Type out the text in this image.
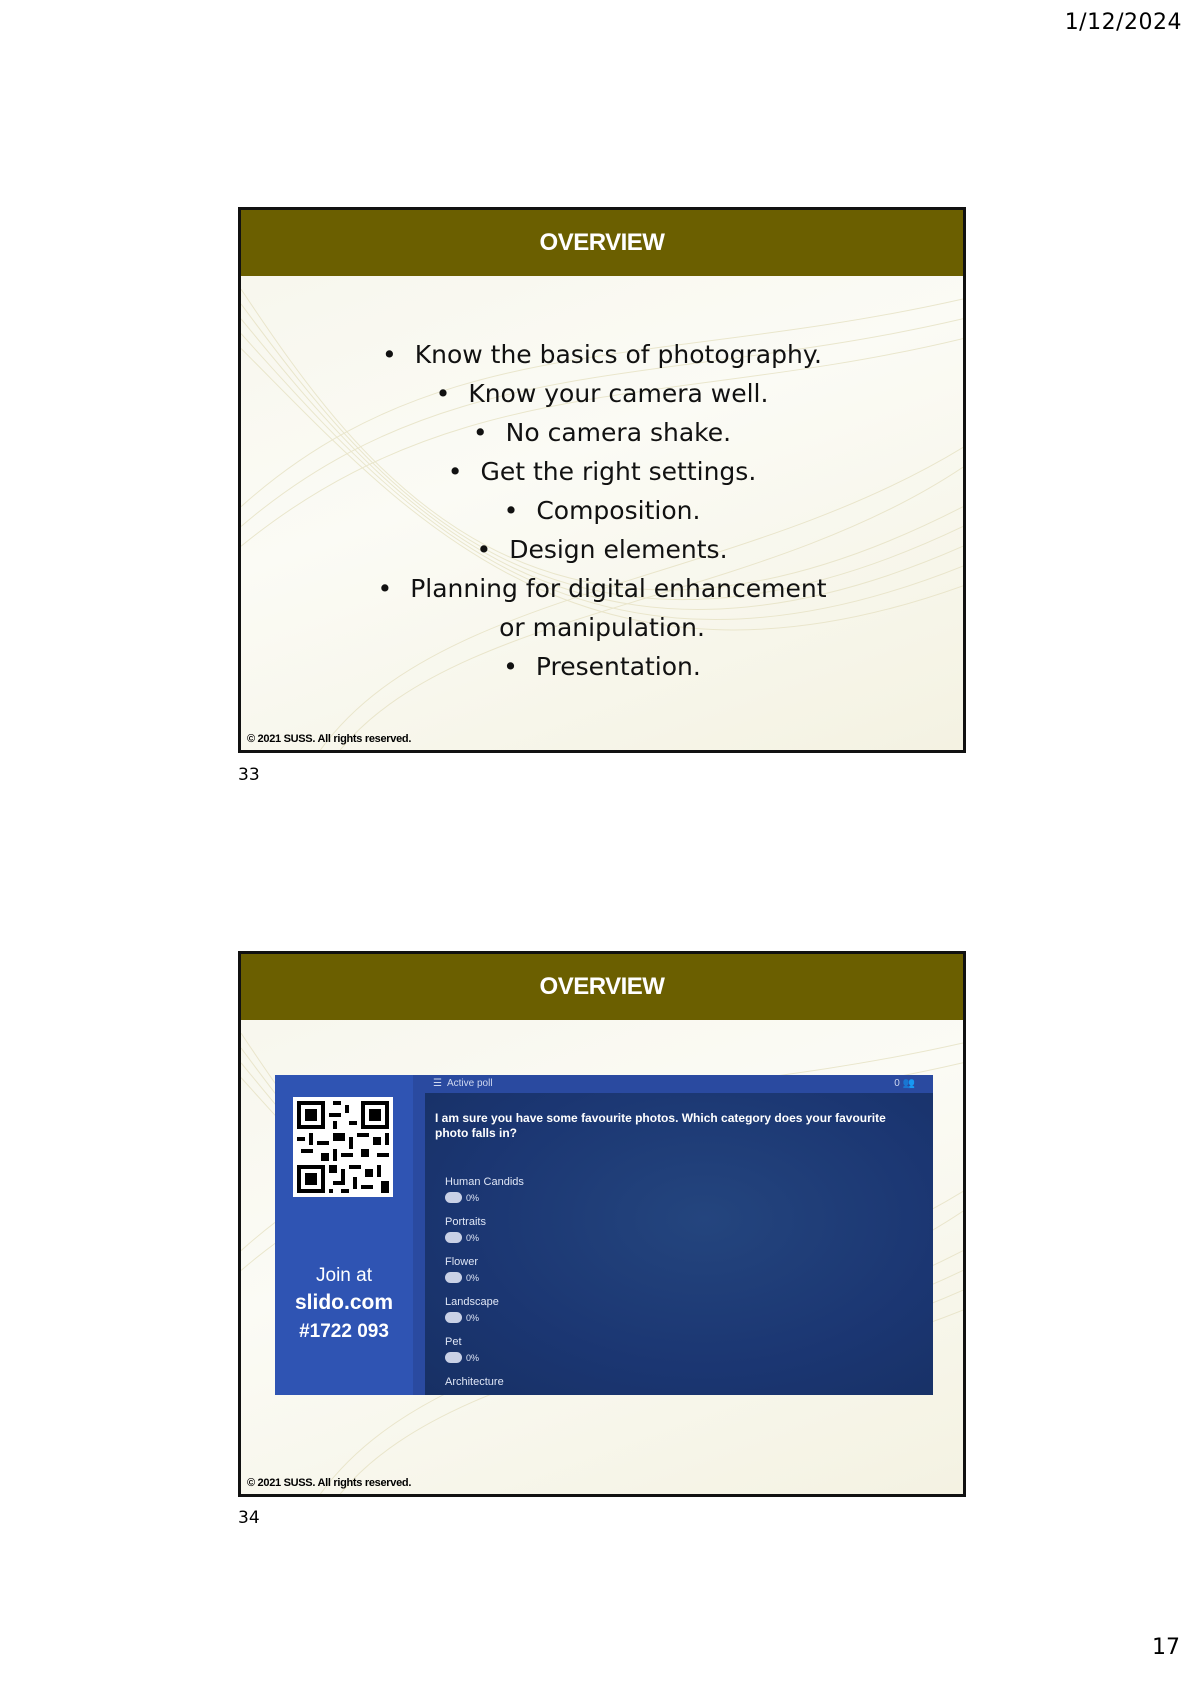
1/12/2024
OVERVIEW
• Know the basics of photography.
• Know your camera well.
• No camera shake.
• Get the right settings.
• Composition.
• Design elements.
• Planning for digital enhancement or manipulation.
• Presentation.
© 2021 SUSS. All rights reserved.
33
OVERVIEW
Join at
slido.com
#1722 093
☰ Active poll	0 👥
I am sure you have some favourite photos. Which category does your favourite photo falls in?
Human Candids
0%
Portraits
0%
Flower
0%
Landscape
0%
Pet
0%
Architecture
© 2021 SUSS. All rights reserved.
34
17
